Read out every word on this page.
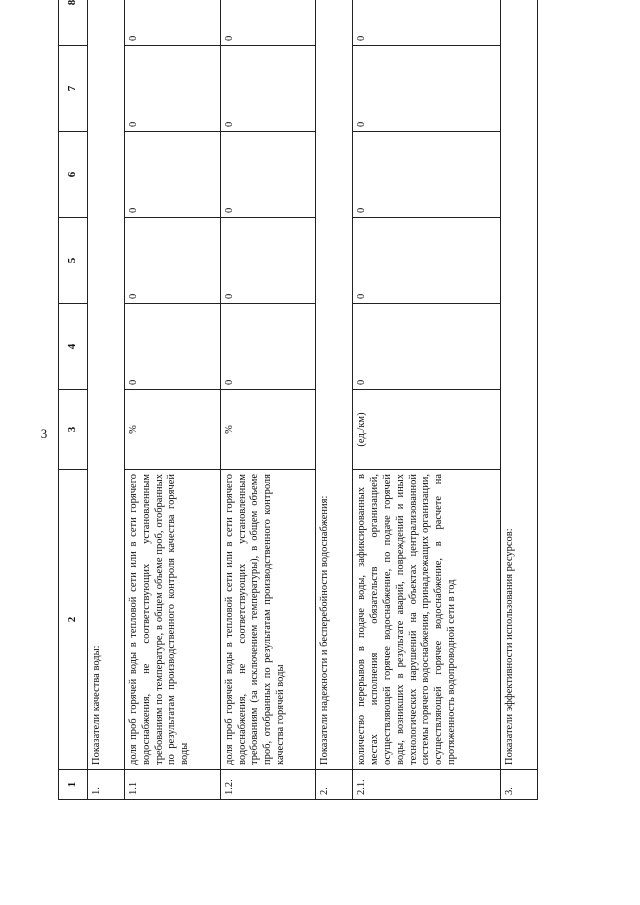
3
1	2	3	4	5	6	7	8
1.	Показатели качества воды:						
1.1	доля проб горячей воды в тепловой сети или в сети горячего водоснабжения, не соответствующих установленным требованиям по температуре, в общем объеме проб, отобранных по результатам производственного контроля качества горячей воды	%	0	0	0	0	0
1.2.	доля проб горячей воды в тепловой сети или в сети горячего водоснабжения, не соответствующих установленным требованиям (за исключением температуры), в общем объеме проб, отобранных по результатам производственного контроля качества горячей воды	%	0	0	0	0	0
2.	Показатели надежности и бесперебойности водоснабжения:						
2.1.	количество перерывов в подаче воды, зафиксированных в местах исполнения обязательств организацией, осуществляющей горячее водоснабжение, по подаче горячей воды, возникших в результате аварий, повреждений и иных технологических нарушений на объектах централизованной системы горячего водоснабжения, принадлежащих организации, осуществляющей горячее водоснабжение, в расчете на протяженность водопроводной сети в год	(ед./км)	0	0	0	0	0
3.	Показатели эффективности использования ресурсов:						
